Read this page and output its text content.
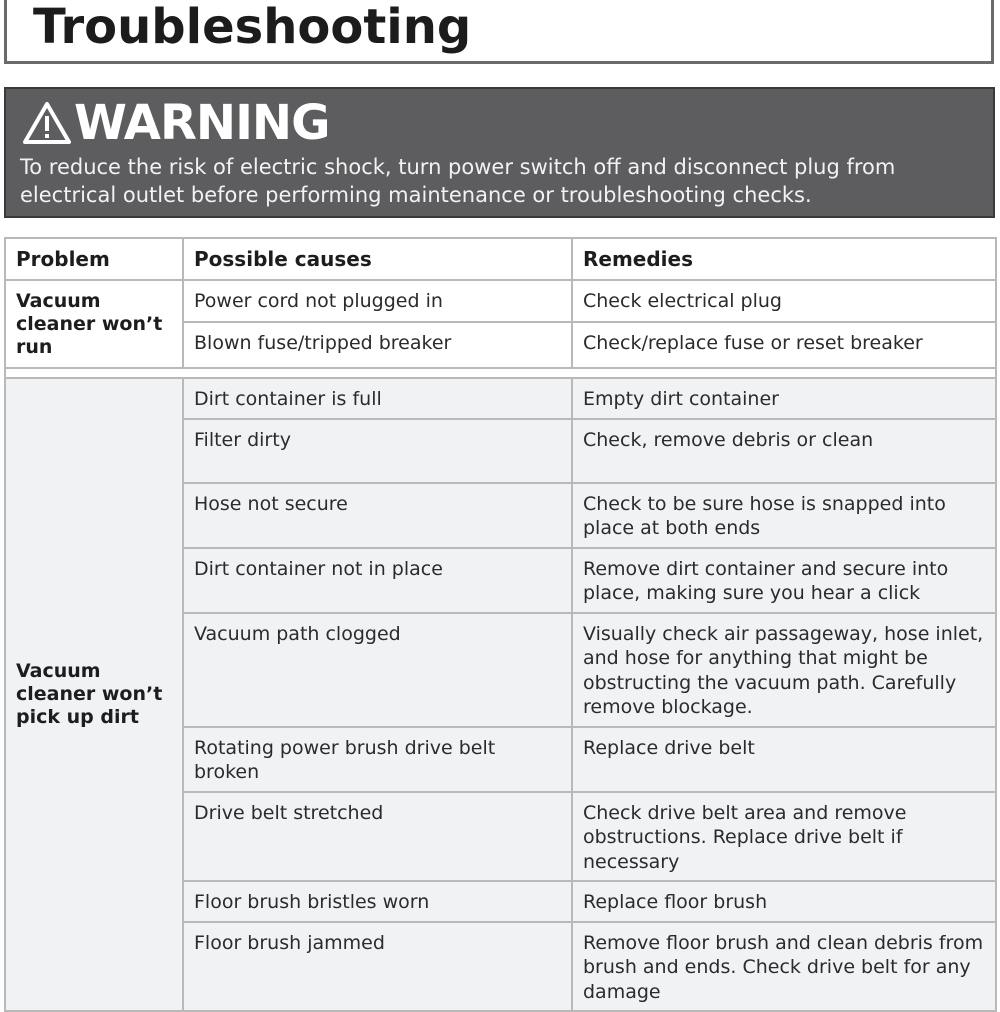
Troubleshooting
WARNING
To reduce the risk of electric shock, turn power switch off and disconnect plug from
electrical outlet before performing maintenance or troubleshooting checks.
Problem	Possible causes	Remedies
Vacuum cleaner won’t run	Power cord not plugged in	Check electrical plug
	Blown fuse/tripped breaker	Check/replace fuse or reset breaker

Vacuum cleaner won’t pick up dirt	Dirt container is full	Empty dirt container
	Filter dirty	Check, remove debris or clean
	Hose not secure	Check to be sure hose is snapped into place at both ends
	Dirt container not in place	Remove dirt container and secure into place, making sure you hear a click
	Vacuum path clogged	Visually check air passageway, hose inlet, and hose for anything that might be obstructing the vacuum path. Carefully remove blockage.
	Rotating power brush drive belt broken	Replace drive belt
	Drive belt stretched	Check drive belt area and remove obstructions. Replace drive belt if necessary
	Floor brush bristles worn	Replace floor brush
	Floor brush jammed	Remove floor brush and clean debris from brush and ends. Check drive belt for any damage
